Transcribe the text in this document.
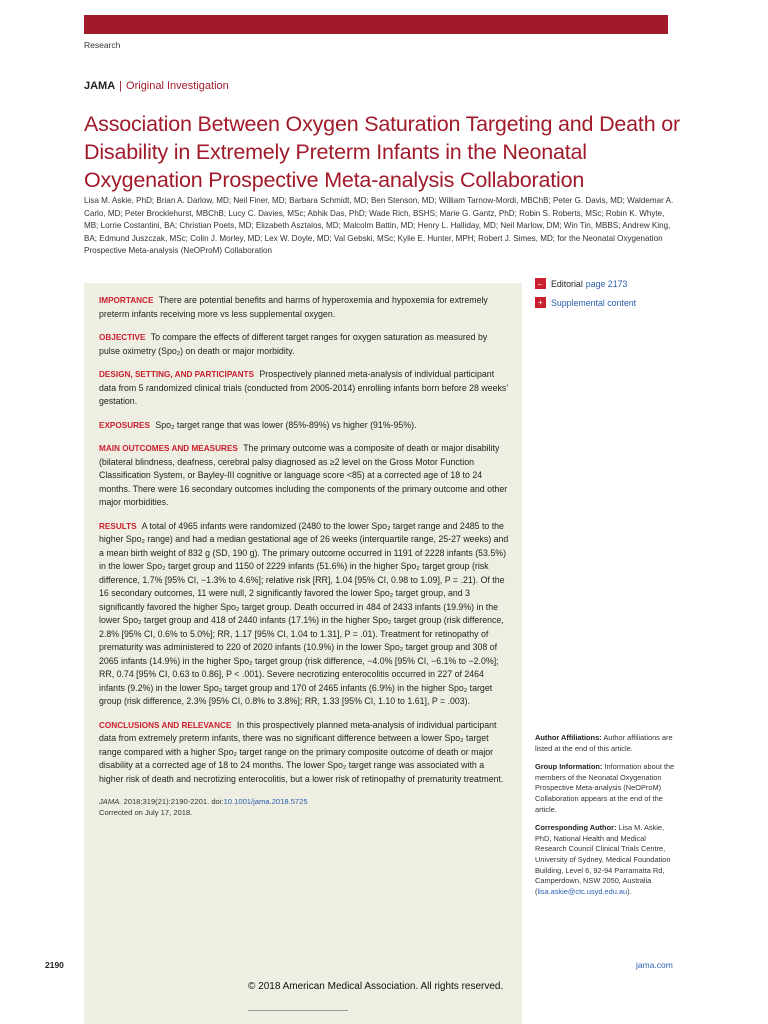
Research
JAMA | Original Investigation
Association Between Oxygen Saturation Targeting and Death or Disability in Extremely Preterm Infants in the Neonatal Oxygenation Prospective Meta-analysis Collaboration
Lisa M. Askie, PhD; Brian A. Darlow, MD; Neil Finer, MD; Barbara Schmidt, MD; Ben Stenson, MD; William Tarnow-Mordi, MBChB; Peter G. Davis, MD; Waldemar A. Carlo, MD; Peter Brocklehurst, MBChB; Lucy C. Davies, MSc; Abhik Das, PhD; Wade Rich, BSHS; Marie G. Gantz, PhD; Robin S. Roberts, MSc; Robin K. Whyte, MB; Lorrie Costantini, BA; Christian Poets, MD; Elizabeth Asztalos, MD; Malcolm Battin, MD; Henry L. Halliday, MD; Neil Marlow, DM; Win Tin, MBBS; Andrew King, BA; Edmund Juszczak, MSc; Colin J. Morley, MD; Lex W. Doyle, MD; Val Gebski, MSc; Kylie E. Hunter, MPH; Robert J. Simes, MD; for the Neonatal Oxygenation Prospective Meta-analysis (NeOProM) Collaboration
← Editorial page 2173
+ Supplemental content

IMPORTANCE There are potential benefits and harms of hyperoxemia and hypoxemia for extremely preterm infants receiving more vs less supplemental oxygen.

OBJECTIVE To compare the effects of different target ranges for oxygen saturation as measured by pulse oximetry (Spo₂) on death or major morbidity.

DESIGN, SETTING, AND PARTICIPANTS Prospectively planned meta-analysis of individual participant data from 5 randomized clinical trials (conducted from 2005-2014) enrolling infants born before 28 weeks' gestation.

EXPOSURES Spo₂ target range that was lower (85%-89%) vs higher (91%-95%).

MAIN OUTCOMES AND MEASURES The primary outcome was a composite of death or major disability (bilateral blindness, deafness, cerebral palsy diagnosed as ≥2 level on the Gross Motor Function Classification System, or Bayley-III cognitive or language score <85) at a corrected age of 18 to 24 months. There were 16 secondary outcomes including the components of the primary outcome and other major morbidities.

RESULTS A total of 4965 infants were randomized (2480 to the lower Spo₂ target range and 2485 to the higher Spo₂ range) and had a median gestational age of 26 weeks (interquartile range, 25-27 weeks) and a mean birth weight of 832 g (SD, 190 g). The primary outcome occurred in 1191 of 2228 infants (53.5%) in the lower Spo₂ target group and 1150 of 2229 infants (51.6%) in the higher Spo₂ target group (risk difference, 1.7% [95% CI, −1.3% to 4.6%]; relative risk [RR], 1.04 [95% CI, 0.98 to 1.09], P = .21). Of the 16 secondary outcomes, 11 were null, 2 significantly favored the lower Spo₂ target group, and 3 significantly favored the higher Spo₂ target group. Death occurred in 484 of 2433 infants (19.9%) in the lower Spo₂ target group and 418 of 2440 infants (17.1%) in the higher Spo₂ target group (risk difference, 2.8% [95% CI, 0.6% to 5.0%]; RR, 1.17 [95% CI, 1.04 to 1.31], P = .01). Treatment for retinopathy of prematurity was administered to 220 of 2020 infants (10.9%) in the lower Spo₂ target group and 308 of 2065 infants (14.9%) in the higher Spo₂ target group (risk difference, −4.0% [95% CI, −6.1% to −2.0%]; RR, 0.74 [95% CI, 0.63 to 0.86], P < .001). Severe necrotizing enterocolitis occurred in 227 of 2464 infants (9.2%) in the lower Spo₂ target group and 170 of 2465 infants (6.9%) in the higher Spo₂ target group (risk difference, 2.3% [95% CI, 0.8% to 3.8%]; RR, 1.33 [95% CI, 1.10 to 1.61], P = .003).

CONCLUSIONS AND RELEVANCE In this prospectively planned meta-analysis of individual participant data from extremely preterm infants, there was no significant difference between a lower Spo₂ target range compared with a higher Spo₂ target range on the primary composite outcome of death or major disability at a corrected age of 18 to 24 months. The lower Spo₂ target range was associated with a higher risk of death and necrotizing enterocolitis, but a lower risk of retinopathy of prematurity treatment.

JAMA. 2018;319(21):2190-2201. doi:10.1001/jama.2018.5725
Corrected on July 17, 2018.

Author Affiliations: Author affiliations are listed at the end of this article.

Group Information: Information about the members of the Neonatal Oxygenation Prospective Meta-analysis (NeOProM) Collaboration appears at the end of the article.

Corresponding Author: Lisa M. Askie, PhD, National Health and Medical Research Council Clinical Trials Centre, University of Sydney, Medical Foundation Building, Level 6, 92-94 Parramatta Rd, Camperdown, NSW 2050, Australia (lisa.askie@ctc.usyd.edu.au).

2190	jama.com
© 2018 American Medical Association. All rights reserved.
